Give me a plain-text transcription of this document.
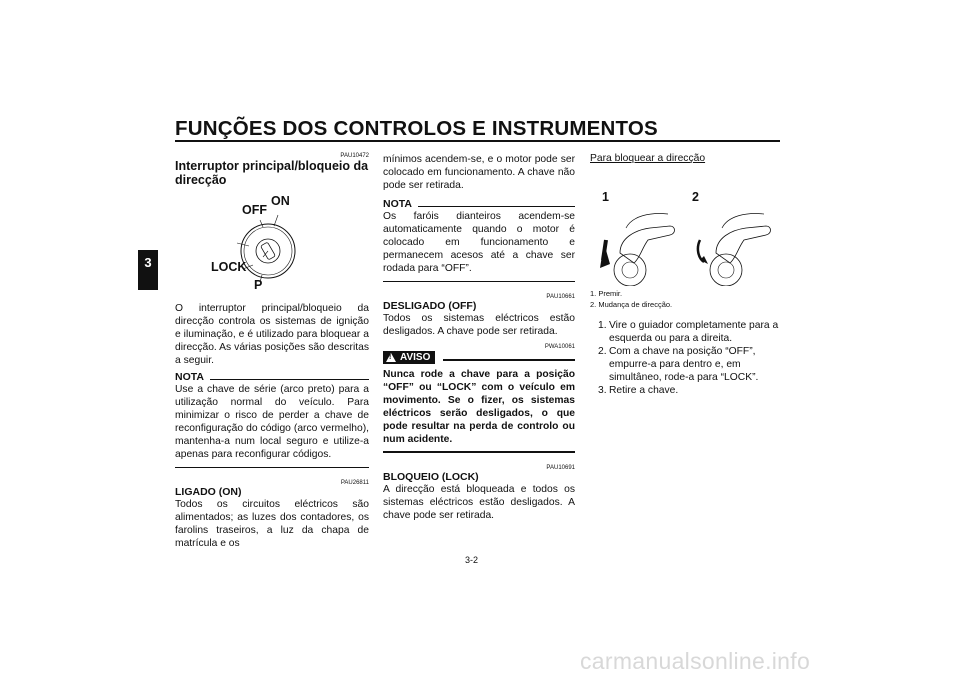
FUNÇÕES DOS CONTROLOS E INSTRUMENTOS
3
PAU10472
Interruptor principal/bloqueio da direcção
OFF
ON
LOCK
P
O interruptor principal/bloqueio da direcção controla os sistemas de ignição e iluminação, e é utilizado para bloquear a direcção. As várias posições são descritas a seguir.
NOTA
Use a chave de série (arco preto) para a utilização normal do veículo. Para minimizar o risco de perder a chave de reconfiguração do código (arco vermelho), mantenha-a num local seguro e utilize-a apenas para reconfigurar códigos.
PAU26811
LIGADO (ON)
Todos os circuitos eléctricos são alimentados; as luzes dos contadores, os farolins traseiros, a luz da chapa de matrícula e os
mínimos acendem-se, e o motor pode ser colocado em funcionamento. A chave não pode ser retirada.
NOTA
Os faróis dianteiros acendem-se automaticamente quando o motor é colocado em funcionamento e permanecem acesos até a chave ser rodada para “OFF”.
PAU10661
DESLIGADO (OFF)
Todos os sistemas eléctricos estão desligados. A chave pode ser retirada.
PWA10061
!
AVISO
Nunca rode a chave para a posição “OFF” ou “LOCK” com o veículo em movimento. Se o fizer, os sistemas eléctricos serão desligados, o que pode resultar na perda de controlo ou num acidente.
PAU10691
BLOQUEIO (LOCK)
A direcção está bloqueada e todos os sistemas eléctricos estão desligados. A chave pode ser retirada.
Para bloquear a direcção
1	2
1. Premir.
2. Mudança de direcção.
1. Vire o guiador completamente para a esquerda ou para a direita.
2. Com a chave na posição “OFF”, empurre-a para dentro e, em simultâneo, rode-a para “LOCK”.
3. Retire a chave.
3-2
carmanualsonline.info
